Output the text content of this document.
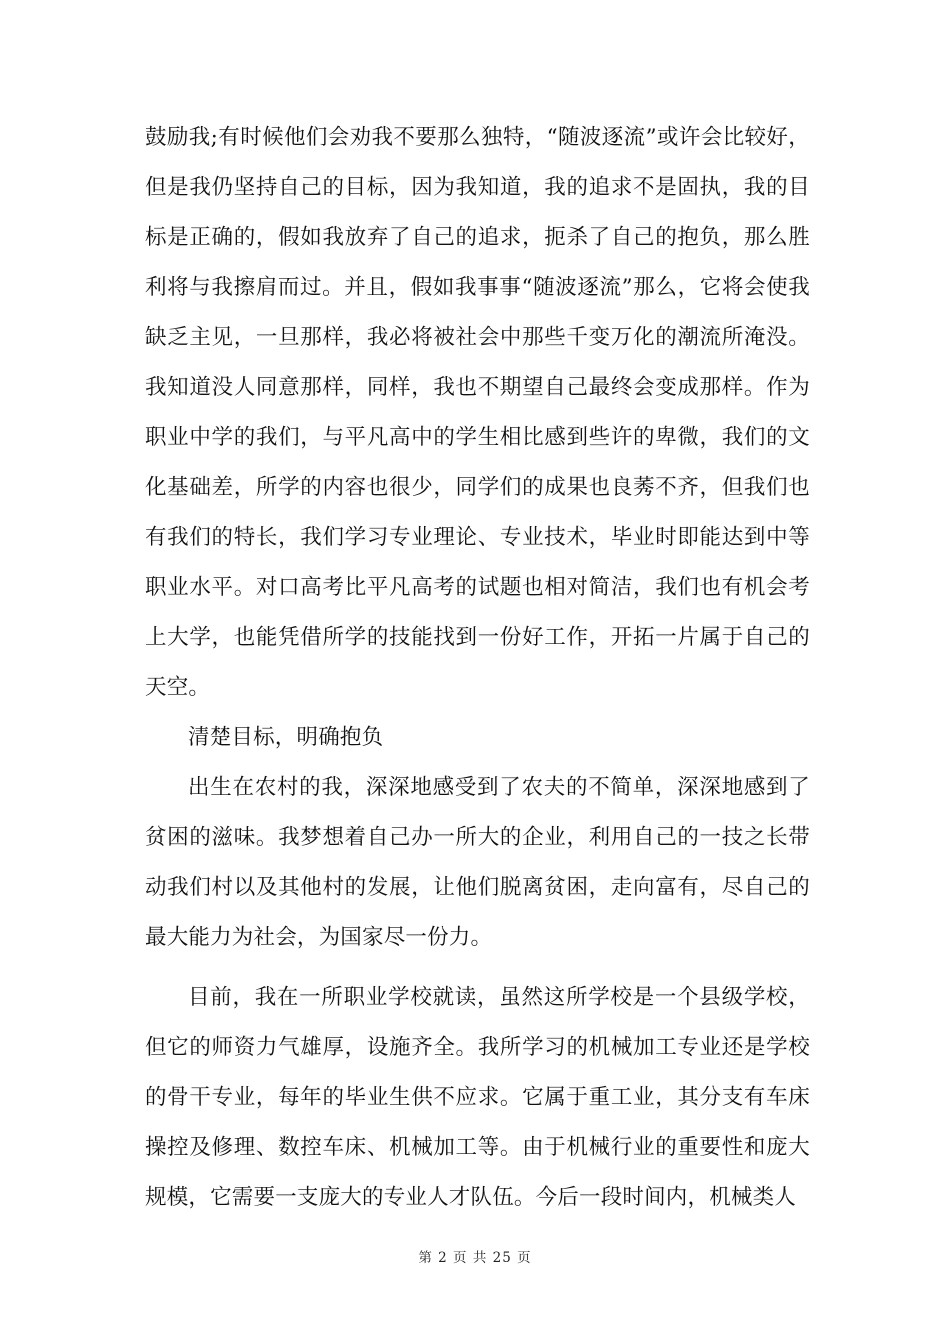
鼓励我;有时候他们会劝我不要那么独特，“随波逐流”或许会比较好，但是我仍坚持自己的目标，因为我知道，我的追求不是固执，我的目标是正确的，假如我放弃了自己的追求，扼杀了自己的抱负，那么胜利将与我擦肩而过。并且，假如我事事“随波逐流”那么，它将会使我缺乏主见，一旦那样，我必将被社会中那些千变万化的潮流所淹没。我知道没人同意那样，同样，我也不期望自己最终会变成那样。作为职业中学的我们，与平凡高中的学生相比感到些许的卑微，我们的文化基础差，所学的内容也很少，同学们的成果也良莠不齐，但我们也有我们的特长，我们学习专业理论、专业技术，毕业时即能达到中等职业水平。对口高考比平凡高考的试题也相对简洁，我们也有机会考上大学，也能凭借所学的技能找到一份好工作，开拓一片属于自己的天空。

清楚目标，明确抱负

出生在农村的我，深深地感受到了农夫的不简单，深深地感到了贫困的滋味。我梦想着自己办一所大的企业，利用自己的一技之长带动我们村以及其他村的发展，让他们脱离贫困，走向富有，尽自己的最大能力为社会，为国家尽一份力。

目前，我在一所职业学校就读，虽然这所学校是一个县级学校，但它的师资力气雄厚，设施齐全。我所学习的机械加工专业还是学校的骨干专业，每年的毕业生供不应求。它属于重工业，其分支有车床操控及修理、数控车床、机械加工等。由于机械行业的重要性和庞大规模，它需要一支庞大的专业人才队伍。今后一段时间内，机械类人

第 2 页 共 25 页
